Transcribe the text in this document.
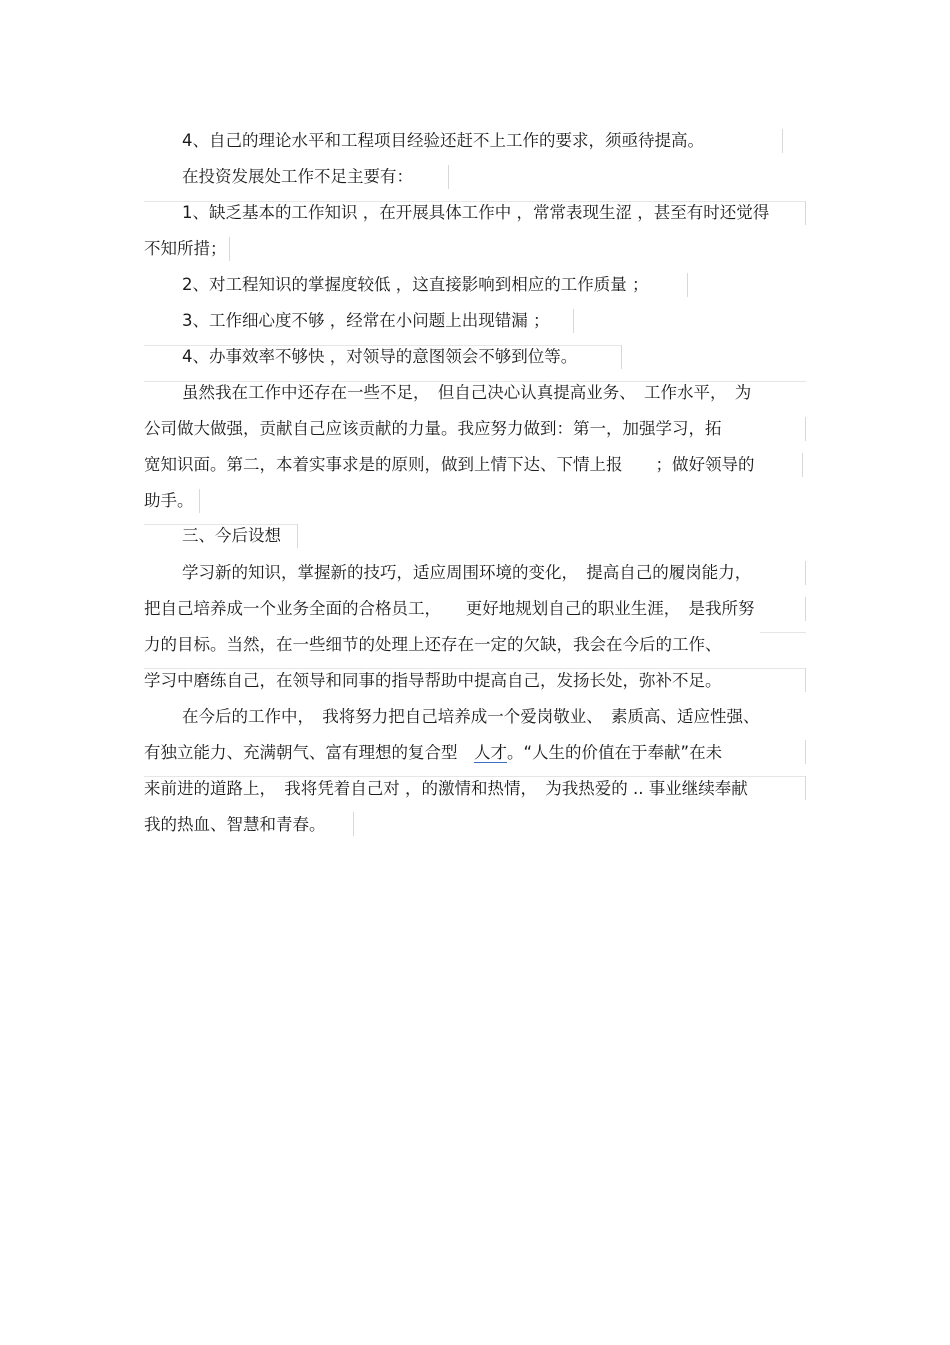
4、自己的理论水平和工程项目经验还赶不上工作的要求，须亟待提高。
在投资发展处工作不足主要有：
1、缺乏基本的工作知识 ，在开展具体工作中 ，常常表现生涩 ，甚至有时还觉得
不知所措；
2、对工程知识的掌握度较低 ，这直接影响到相应的工作质量 ；
3、工作细心度不够 ，经常在小问题上出现错漏 ；
4、办事效率不够快 ，对领导的意图领会不够到位等。
虽然我在工作中还存在一些不足，　但自己决心认真提高业务、　工作水平，　为
公司做大做强，贡献自己应该贡献的力量。我应努力做到：第一，加强学习，拓
宽知识面。第二，本着实事求是的原则，做到上情下达、下情上报　　；做好领导的
助手。
三、今后设想
学习新的知识，掌握新的技巧，适应周围环境的变化，　提高自己的履岗能力，
把自己培养成一个业务全面的合格员工，　　更好地规划自己的职业生涯，　是我所努
力的目标。当然，在一些细节的处理上还存在一定的欠缺，我会在今后的工作、
学习中磨练自己，在领导和同事的指导帮助中提高自己，发扬长处，弥补不足。
在今后的工作中，　我将努力把自己培养成一个爱岗敬业、　素质高、适应性强、
有独立能力、充满朝气、富有理想的复合型　人才。“人生的价值在于奉献”在未
来前进的道路上，　我将凭着自己对 ，的激情和热情，　为我热爱的 .. 事业继续奉献
我的热血、智慧和青春。
